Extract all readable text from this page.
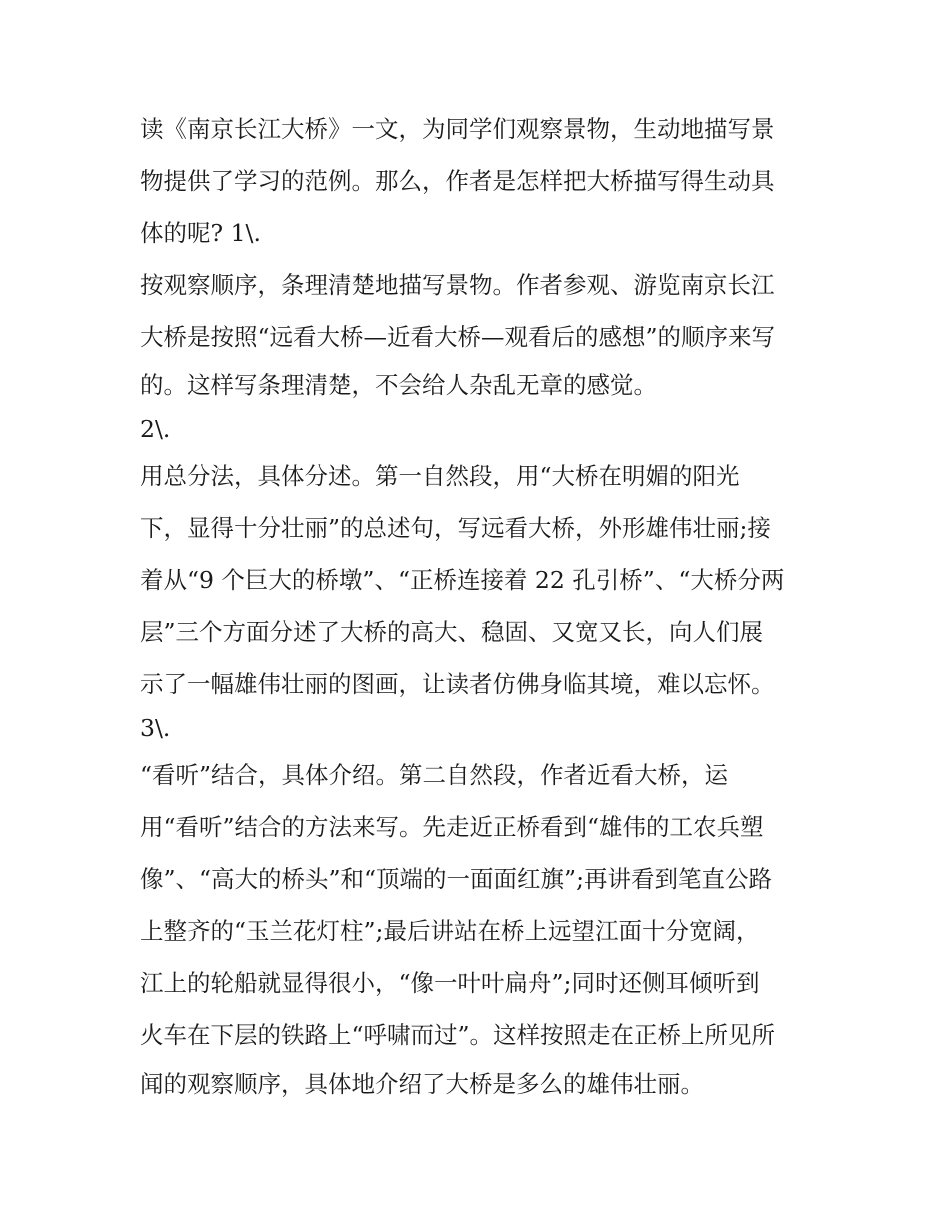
读《南京长江大桥》一文，为同学们观察景物，生动地描写景

物提供了学习的范例。那么，作者是怎样把大桥描写得生动具

体的呢? 1\.

按观察顺序，条理清楚地描写景物。作者参观、游览南京长江

大桥是按照“远看大桥—近看大桥—观看后的感想”的顺序来写

的。这样写条理清楚，不会给人杂乱无章的感觉。

2\.

用总分法，具体分述。第一自然段，用“大桥在明媚的阳光

下，显得十分壮丽”的总述句，写远看大桥，外形雄伟壮丽;接

着从“9 个巨大的桥墩”、“正桥连接着 22 孔引桥”、“大桥分两

层”三个方面分述了大桥的高大、稳固、又宽又长，向人们展

示了一幅雄伟壮丽的图画，让读者仿佛身临其境，难以忘怀。

3\.

“看听”结合，具体介绍。第二自然段，作者近看大桥，运

用“看听”结合的方法来写。先走近正桥看到“雄伟的工农兵塑

像”、“高大的桥头”和“顶端的一面面红旗”;再讲看到笔直公路

上整齐的“玉兰花灯柱”;最后讲站在桥上远望江面十分宽阔，

江上的轮船就显得很小，“像一叶叶扁舟”;同时还侧耳倾听到

火车在下层的铁路上“呼啸而过”。这样按照走在正桥上所见所

闻的观察顺序，具体地介绍了大桥是多么的雄伟壮丽。
